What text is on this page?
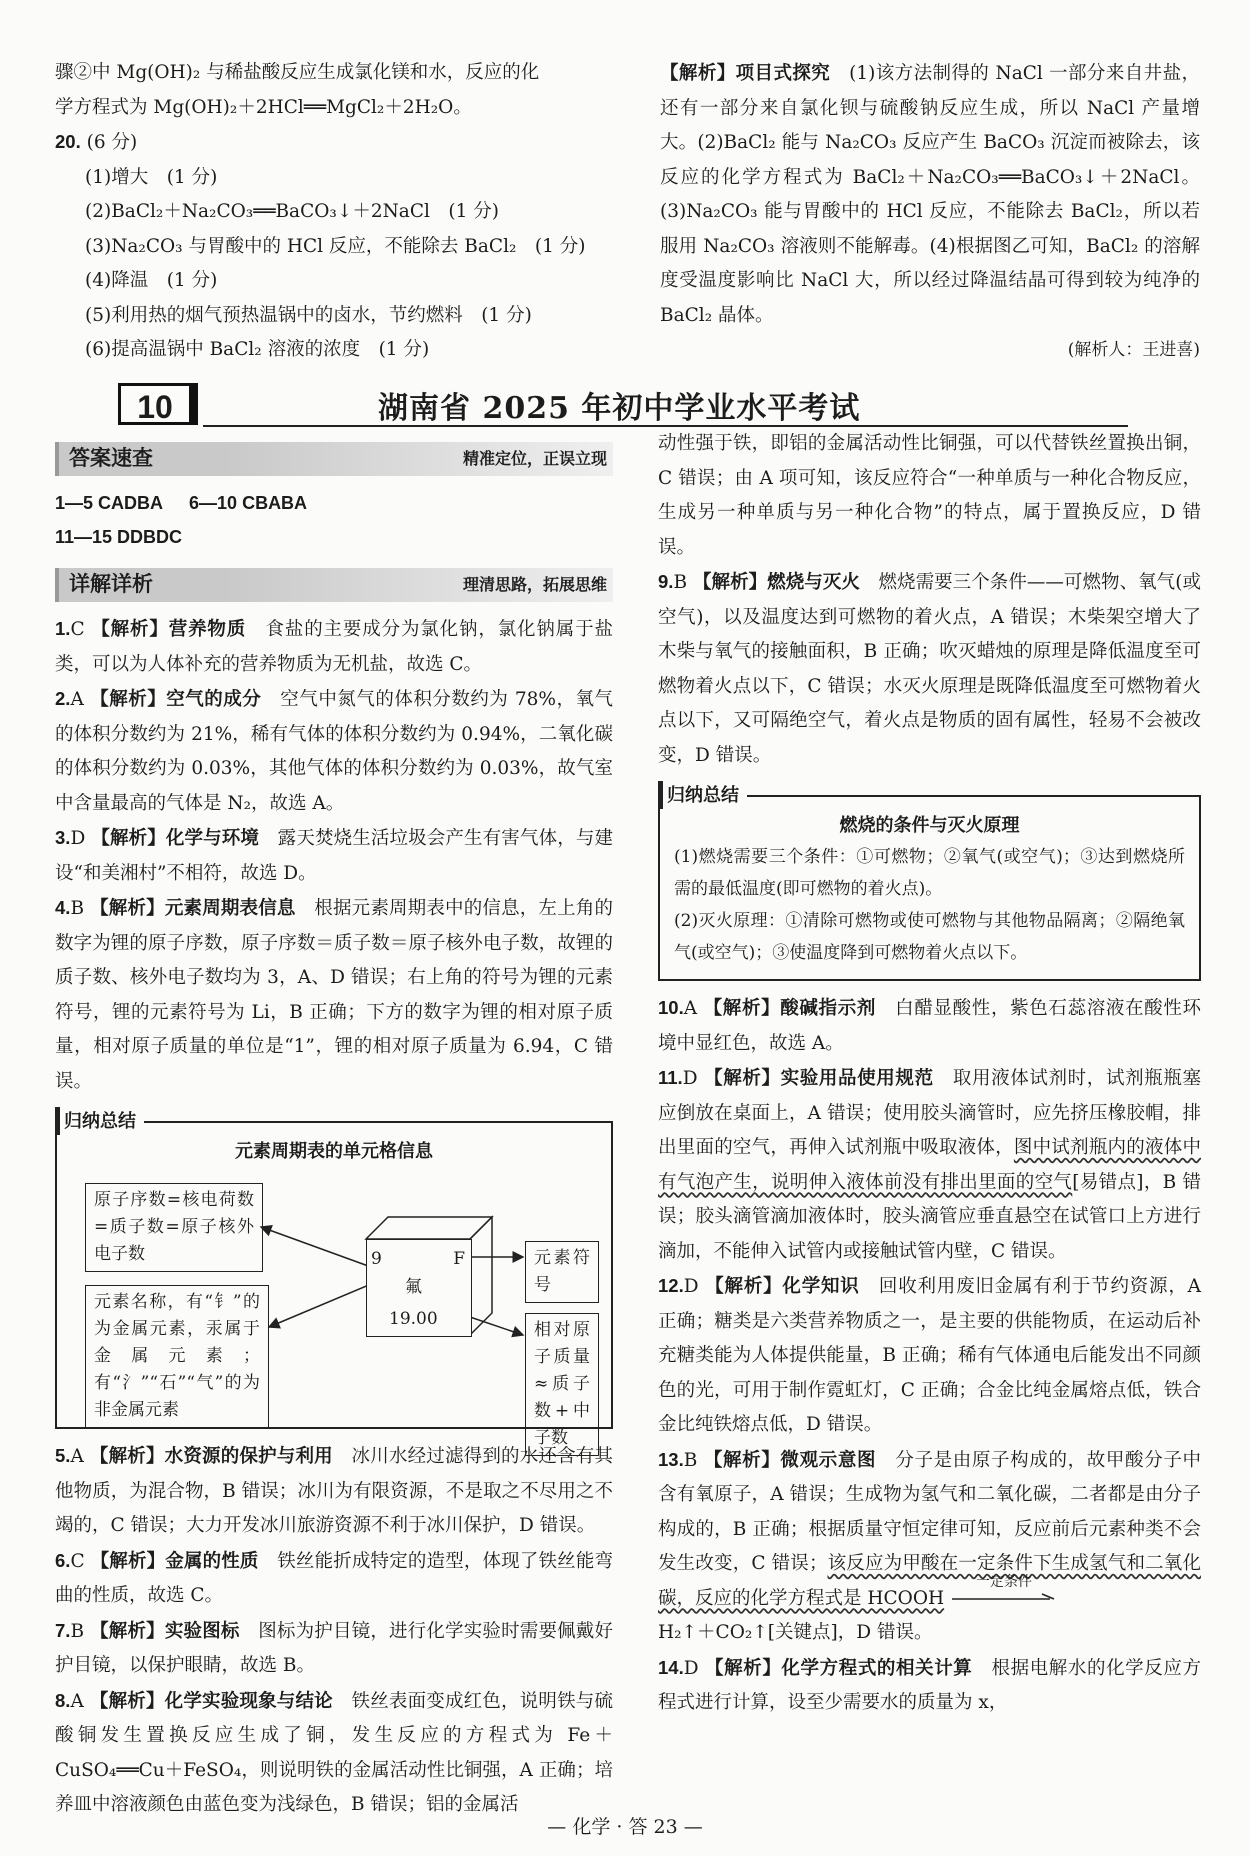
骤②中 Mg(OH)₂ 与稀盐酸反应生成氯化镁和水，反应的化

学方程式为 Mg(OH)₂＋2HCl══MgCl₂＋2H₂O。

20. (6 分)

(1)增大　(1 分)

(2)BaCl₂＋Na₂CO₃══BaCO₃↓＋2NaCl　(1 分)

(3)Na₂CO₃ 与胃酸中的 HCl 反应，不能除去 BaCl₂　(1 分)

(4)降温　(1 分)

(5)利用热的烟气预热温锅中的卤水，节约燃料　(1 分)

(6)提高温锅中 BaCl₂ 溶液的浓度　(1 分)

【解析】项目式探究　(1)该方法制得的 NaCl 一部分来自井盐，还有一部分来自氯化钡与硫酸钠反应生成，所以 NaCl 产量增大。(2)BaCl₂ 能与 Na₂CO₃ 反应产生 BaCO₃ 沉淀而被除去，该反应的化学方程式为 BaCl₂＋Na₂CO₃══BaCO₃↓＋2NaCl。(3)Na₂CO₃ 能与胃酸中的 HCl 反应，不能除去 BaCl₂，所以若服用 Na₂CO₃ 溶液则不能解毒。(4)根据图乙可知，BaCl₂ 的溶解度受温度影响比 NaCl 大，所以经过降温结晶可得到较为纯净的 BaCl₂ 晶体。

(解析人：王进喜)

10	湖南省 2025 年初中学业水平考试
答案速查	精准定位，正误立现
1—5 CADBA 6—10 CBABA
11—15 DDBDC
详解详析	理清思路，拓展思维

1.C 【解析】营养物质　食盐的主要成分为氯化钠，氯化钠属于盐类，可以为人体补充的营养物质为无机盐，故选 C。

2.A 【解析】空气的成分　空气中氮气的体积分数约为 78%，氧气的体积分数约为 21%，稀有气体的体积分数约为 0.94%，二氧化碳的体积分数约为 0.03%，其他气体的体积分数约为 0.03%，故气室中含量最高的气体是 N₂，故选 A。

3.D 【解析】化学与环境　露天焚烧生活垃圾会产生有害气体，与建设“和美湘村”不相符，故选 D。

4.B 【解析】元素周期表信息　根据元素周期表中的信息，左上角的数字为锂的原子序数，原子序数＝质子数＝原子核外电子数，故锂的质子数、核外电子数均为 3，A、D 错误；右上角的符号为锂的元素符号，锂的元素符号为 Li，B 正确；下方的数字为锂的相对原子质量，相对原子质量的单位是“1”，锂的相对原子质量为 6.94，C 错误。

归纳总结
元素周期表的单元格信息
原子序数=核电荷数=质子数=原子核外电子数
元素名称，有“钅”的为金属元素，汞属于金属元素；有“氵”“石”“气”的为非金属元素
元素符号
相对原子质量≈质子数+中子数
9	F
氟
19.00

5.A 【解析】水资源的保护与利用　冰川水经过滤得到的水还含有其他物质，为混合物，B 错误；冰川为有限资源，不是取之不尽用之不竭的，C 错误；大力开发冰川旅游资源不利于冰川保护，D 错误。

6.C 【解析】金属的性质　铁丝能折成特定的造型，体现了铁丝能弯曲的性质，故选 C。

7.B 【解析】实验图标　图标为护目镜，进行化学实验时需要佩戴好护目镜，以保护眼睛，故选 B。

8.A 【解析】化学实验现象与结论　铁丝表面变成红色，说明铁与硫酸铜发生置换反应生成了铜，发生反应的方程式为 Fe＋CuSO₄══Cu＋FeSO₄，则说明铁的金属活动性比铜强，A 正确；培养皿中溶液颜色由蓝色变为浅绿色，B 错误；铝的金属活

动性强于铁，即铝的金属活动性比铜强，可以代替铁丝置换出铜，C 错误；由 A 项可知，该反应符合“一种单质与一种化合物反应，生成另一种单质与另一种化合物”的特点，属于置换反应，D 错误。

9.B 【解析】燃烧与灭火　燃烧需要三个条件——可燃物、氧气(或空气)，以及温度达到可燃物的着火点，A 错误；木柴架空增大了木柴与氧气的接触面积，B 正确；吹灭蜡烛的原理是降低温度至可燃物着火点以下，C 错误；水灭火原理是既降低温度至可燃物着火点以下，又可隔绝空气，着火点是物质的固有属性，轻易不会被改变，D 错误。

归纳总结
燃烧的条件与灭火原理
(1)燃烧需要三个条件：①可燃物；②氧气(或空气)；③达到燃烧所需的最低温度(即可燃物的着火点)。
(2)灭火原理：①清除可燃物或使可燃物与其他物品隔离；②隔绝氧气(或空气)；③使温度降到可燃物着火点以下。

10.A 【解析】酸碱指示剂　白醋显酸性，紫色石蕊溶液在酸性环境中显红色，故选 A。

11.D 【解析】实验用品使用规范　取用液体试剂时，试剂瓶瓶塞应倒放在桌面上，A 错误；使用胶头滴管时，应先挤压橡胶帽，排出里面的空气，再伸入试剂瓶中吸取液体，图中试剂瓶内的液体中有气泡产生，说明伸入液体前没有排出里面的空气[易错点]，B 错误；胶头滴管滴加液体时，胶头滴管应垂直悬空在试管口上方进行滴加，不能伸入试管内或接触试管内壁，C 错误。

12.D 【解析】化学知识　回收利用废旧金属有利于节约资源，A 正确；糖类是六类营养物质之一，是主要的供能物质，在运动后补充糖类能为人体提供能量，B 正确；稀有气体通电后能发出不同颜色的光，可用于制作霓虹灯，C 正确；合金比纯金属熔点低，铁合金比纯铁熔点低，D 错误。

13.B 【解析】微观示意图　分子是由原子构成的，故甲酸分子中含有氧原子，A 错误；生成物为氢气和二氧化碳，二者都是由分子构成的，B 正确；根据质量守恒定律可知，反应前后元素种类不会发生改变，C 错误；该反应为甲酸在一定条件下生成氢气和二氧化碳，反应的化学方程式是 HCOOH
一定条件

H₂↑＋CO₂↑[关键点]，D 错误。

14.D 【解析】化学方程式的相关计算　根据电解水的化学反应方程式进行计算，设至少需要水的质量为 x，

— 化学 · 答 23 —
